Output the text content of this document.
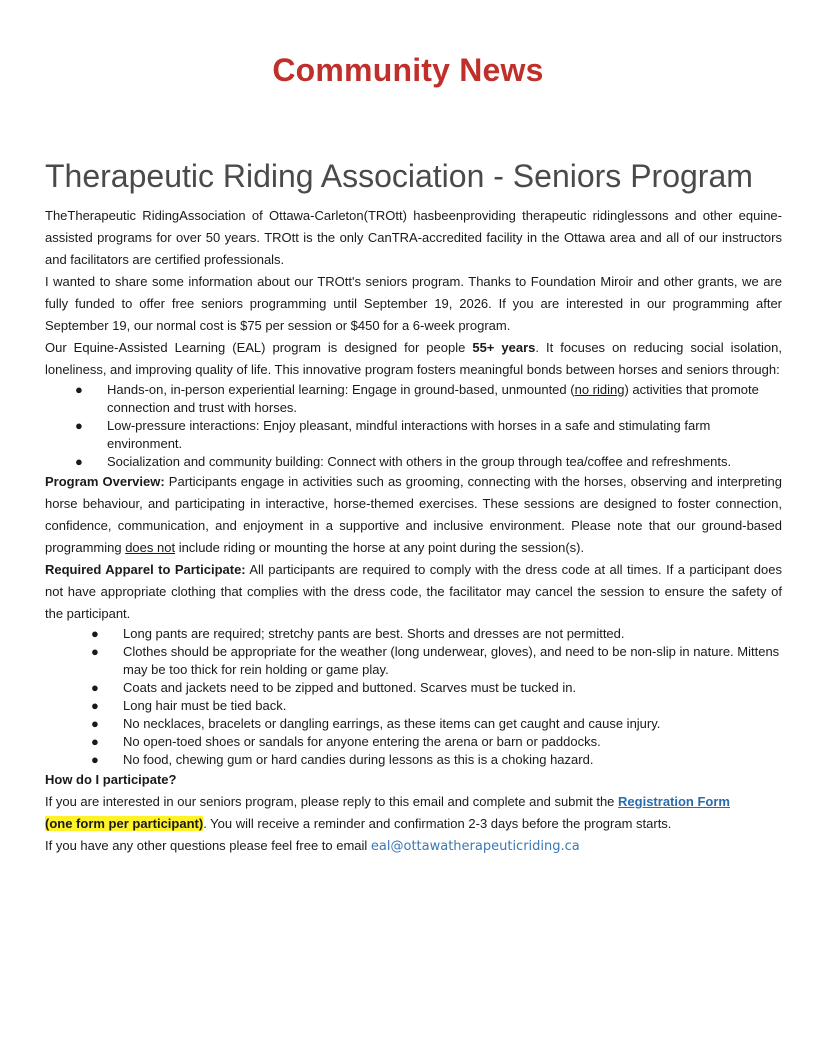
Community News
Therapeutic Riding Association - Seniors Program

TheTherapeutic RidingAssociation of Ottawa-Carleton(TROtt) hasbeenproviding therapeutic ridinglessons and other equine-assisted programs for over 50 years. TROtt is the only CanTRA-accredited facility in the Ottawa area and all of our instructors and facilitators are certified professionals.

I wanted to share some information about our TROtt's seniors program. Thanks to Foundation Miroir and other grants, we are fully funded to offer free seniors programming until September 19, 2026. If you are interested in our programming after September 19, our normal cost is $75 per session or $450 for a 6-week program.

Our Equine-Assisted Learning (EAL) program is designed for people 55+ years. It focuses on reducing social isolation, loneliness, and improving quality of life. This innovative program fosters meaningful bonds between horses and seniors through:

● Hands-on, in-person experiential learning: Engage in ground-based, unmounted (no riding) activities that promote connection and trust with horses.
● Low-pressure interactions: Enjoy pleasant, mindful interactions with horses in a safe and stimulating farm environment.
● Socialization and community building: Connect with others in the group through tea/coffee and refreshments.

Program Overview: Participants engage in activities such as grooming, connecting with the horses, observing and interpreting horse behaviour, and participating in interactive, horse-themed exercises. These sessions are designed to foster connection, confidence, communication, and enjoyment in a supportive and inclusive environment. Please note that our ground-based programming does not include riding or mounting the horse at any point during the session(s).

Required Apparel to Participate: All participants are required to comply with the dress code at all times. If a participant does not have appropriate clothing that complies with the dress code, the facilitator may cancel the session to ensure the safety of the participant.

● Long pants are required; stretchy pants are best. Shorts and dresses are not permitted.
● Clothes should be appropriate for the weather (long underwear, gloves), and need to be non-slip in nature. Mittens may be too thick for rein holding or game play.
● Coats and jackets need to be zipped and buttoned. Scarves must be tucked in.
● Long hair must be tied back.
● No necklaces, bracelets or dangling earrings, as these items can get caught and cause injury.
● No open-toed shoes or sandals for anyone entering the arena or barn or paddocks.
● No food, chewing gum or hard candies during lessons as this is a choking hazard.

How do I participate?

If you are interested in our seniors program, please reply to this email and complete and submit the Registration Form
(one form per participant). You will receive a reminder and confirmation 2-3 days before the program starts.

If you have any other questions please feel free to email eal@ottawatherapeuticriding.ca
